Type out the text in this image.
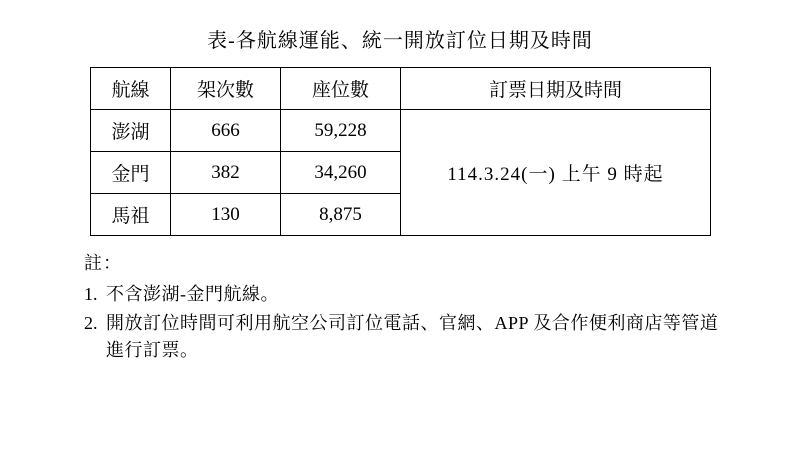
表-各航線運能、統一開放訂位日期及時間
航線	架次數	座位數	訂票日期及時間
澎湖	666	59,228	114.3.24(一) 上午 9 時起
金門	382	34,260	
馬祖	130	8,875	
註：
1. 不含澎湖-金門航線。
2. 開放訂位時間可利用航空公司訂位電話、官網、APP 及合作便利商店等管道進行訂票。
